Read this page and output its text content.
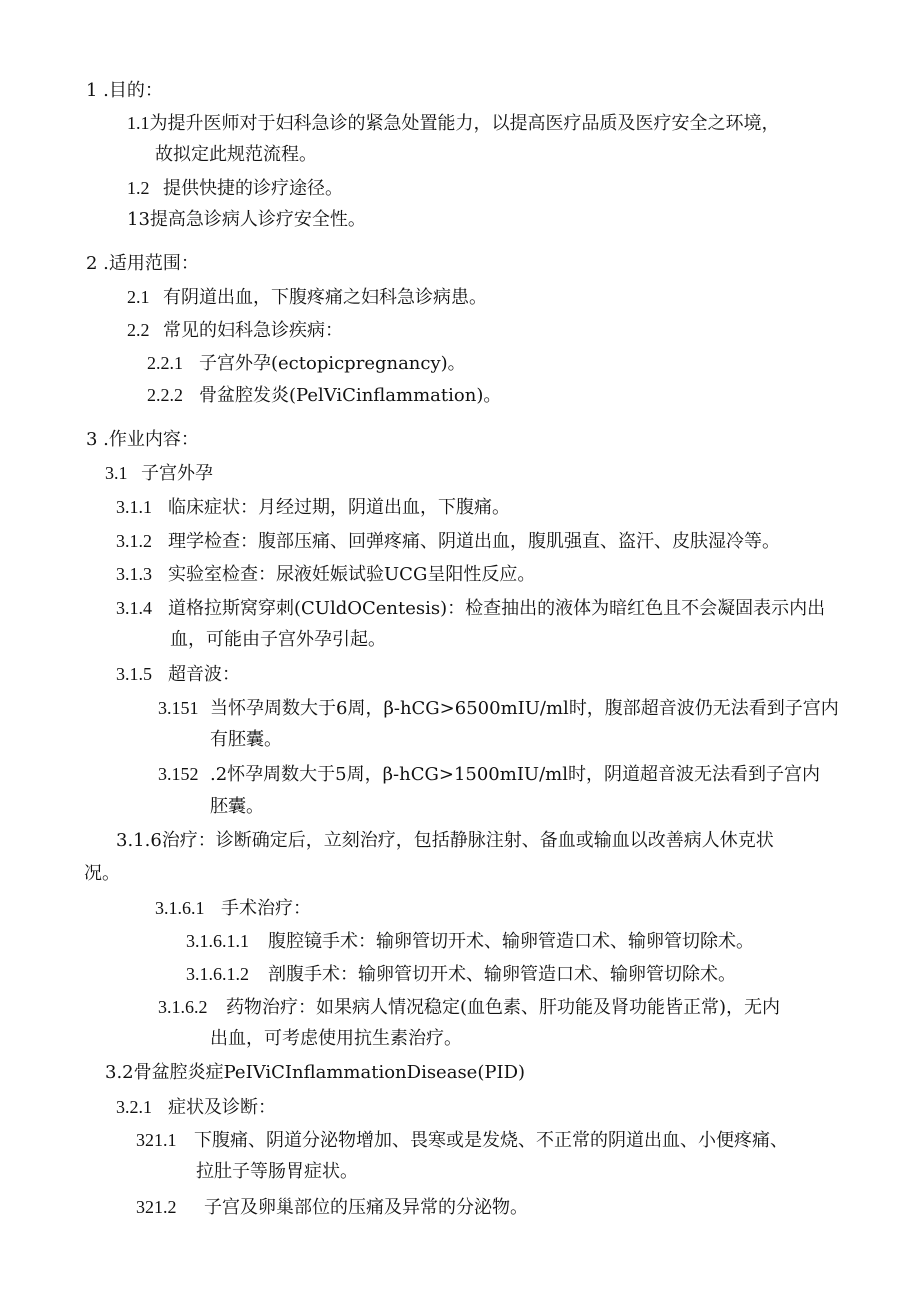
1 .目的：
1.1为提升医师对于妇科急诊的紧急处置能力，以提高医疗品质及医疗安全之环境，
故拟定此规范流程。
1.2 提供快捷的诊疗途径。
13提高急诊病人诊疗安全性。
2 .适用范围：
2.1 有阴道出血，下腹疼痛之妇科急诊病患。
2.2 常见的妇科急诊疾病：
2.2.1 子宫外孕(ectopicpregnancy)。
2.2.2 骨盆腔发炎(PelViCinflammation)。
3 .作业内容：
3.1 子宫外孕
3.1.1 临床症状：月经过期，阴道出血，下腹痛。
3.1.2 理学检查：腹部压痛、回弹疼痛、阴道出血，腹肌强直、盗汗、皮肤湿冷等。
3.1.3 实验室检查：尿液妊娠试验UCG呈阳性反应。
3.1.4 道格拉斯窝穿刺(CUldOCentesis)：检查抽出的液体为暗红色且不会凝固表示内出
血，可能由子宫外孕引起。
3.1.5 超音波：
3.151 当怀孕周数大于6周，β-hCG>6500mIU∕ml时，腹部超音波仍无法看到子宫内
有胚囊。
3.152 .2怀孕周数大于5周，β-hCG>1500mIU∕ml时，阴道超音波无法看到子宫内
胚囊。
3.1.6治疗：诊断确定后，立刻治疗，包括静脉注射、备血或输血以改善病人休克状
况。
3.1.6.1 手术治疗：
3.1.6.1.1 腹腔镜手术：输卵管切开术、输卵管造口术、输卵管切除术。
3.1.6.1.2 剖腹手术：输卵管切开术、输卵管造口术、输卵管切除术。
3.1.6.2 药物治疗：如果病人情况稳定(血色素、肝功能及肾功能皆正常)，无内
出血，可考虑使用抗生素治疗。
3.2骨盆腔炎症PeIViCInflammationDisease(PID)
3.2.1 症状及诊断：
321.1 下腹痛、阴道分泌物增加、畏寒或是发烧、不正常的阴道出血、小便疼痛、
拉肚子等肠胃症状。
321.2 子宫及卵巢部位的压痛及异常的分泌物。
